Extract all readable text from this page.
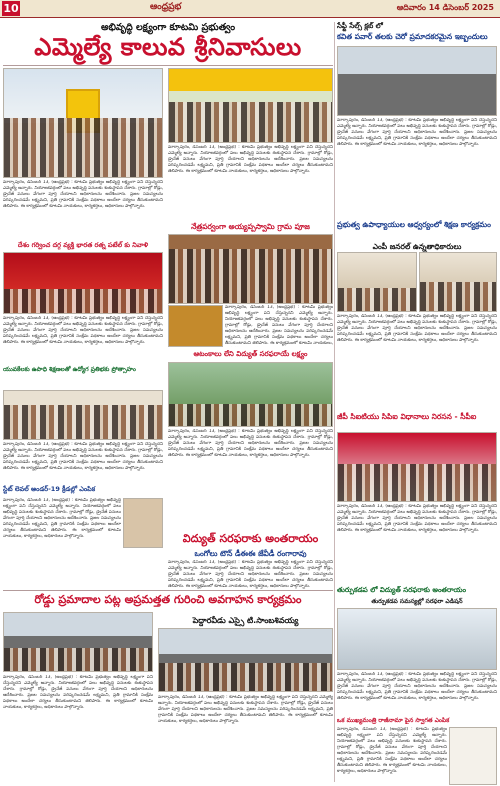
10	ఆంధ్రప్రభ	ఆదివారం 14 డిసెంబర్ 2025
అభివృద్ధి లక్ష్యంగా కూటమి ప్రభుత్వం
ఎమ్మెల్యే కాలువ శ్రీనివాసులు
మార్కాపురం, డిసెంబర్ 13, (ఆంధ్రప్రభ) : కూటమి ప్రభుత్వం అభివృద్ధి లక్ష్యంగా పని చేస్తున్నదని ఎమ్మెల్యే అన్నారు. నియోజకవర్గంలో పలు అభివృద్ధి పనులకు శంకుస్థాపన చేశారు. గ్రామాల్లో రోడ్లు, డ్రైనేజీ పనులు వేగంగా పూర్తి చేయాలని అధికారులను ఆదేశించారు. ప్రజల సమస్యలను పరిష్కరించడమే లక్ష్యమని, ప్రతి గ్రామానికి సంక్షేమ పథకాలు అందేలా చర్యలు తీసుకుంటామని తెలిపారు. ఈ కార్యక్రమంలో కూటమి నాయకులు, కార్యకర్తలు, అధికారులు పాల్గొన్నారు.
మార్కాపురం, డిసెంబర్ 13, (ఆంధ్రప్రభ) : కూటమి ప్రభుత్వం అభివృద్ధి లక్ష్యంగా పని చేస్తున్నదని ఎమ్మెల్యే అన్నారు. నియోజకవర్గంలో పలు అభివృద్ధి పనులకు శంకుస్థాపన చేశారు. గ్రామాల్లో రోడ్లు, డ్రైనేజీ పనులు వేగంగా పూర్తి చేయాలని అధికారులను ఆదేశించారు. ప్రజల సమస్యలను పరిష్కరించడమే లక్ష్యమని, ప్రతి గ్రామానికి సంక్షేమ పథకాలు అందేలా చర్యలు తీసుకుంటామని తెలిపారు. ఈ కార్యక్రమంలో కూటమి నాయకులు, కార్యకర్తలు, అధికారులు పాల్గొన్నారు.
దేశం గర్వించ దగ్గ వ్యక్తి భారత రత్న పటేల్ కు నివాళి
మార్కాపురం, డిసెంబర్ 13, (ఆంధ్రప్రభ) : కూటమి ప్రభుత్వం అభివృద్ధి లక్ష్యంగా పని చేస్తున్నదని ఎమ్మెల్యే అన్నారు. నియోజకవర్గంలో పలు అభివృద్ధి పనులకు శంకుస్థాపన చేశారు. గ్రామాల్లో రోడ్లు, డ్రైనేజీ పనులు వేగంగా పూర్తి చేయాలని అధికారులను ఆదేశించారు. ప్రజల సమస్యలను పరిష్కరించడమే లక్ష్యమని, ప్రతి గ్రామానికి సంక్షేమ పథకాలు అందేలా చర్యలు తీసుకుంటామని తెలిపారు. ఈ కార్యక్రమంలో కూటమి నాయకులు, కార్యకర్తలు, అధికారులు పాల్గొన్నారు.
నేత్రపర్వంగా అయ్యప్పస్వామి గ్రామ పూజ
మార్కాపురం, డిసెంబర్ 13, (ఆంధ్రప్రభ) : కూటమి ప్రభుత్వం అభివృద్ధి లక్ష్యంగా పని చేస్తున్నదని ఎమ్మెల్యే అన్నారు. నియోజకవర్గంలో పలు అభివృద్ధి పనులకు శంకుస్థాపన చేశారు. గ్రామాల్లో రోడ్లు, డ్రైనేజీ పనులు వేగంగా పూర్తి చేయాలని అధికారులను ఆదేశించారు. ప్రజల సమస్యలను పరిష్కరించడమే లక్ష్యమని, ప్రతి గ్రామానికి సంక్షేమ పథకాలు అందేలా చర్యలు తీసుకుంటామని తెలిపారు. ఈ కార్యక్రమంలో కూటమి నాయకులు,
యువకేలకు ఉపాధి శిక్షణలతో ఉద్యోగ ప్రతిభకు ప్రోత్సాహం
మార్కాపురం, డిసెంబర్ 13, (ఆంధ్రప్రభ) : కూటమి ప్రభుత్వం అభివృద్ధి లక్ష్యంగా పని చేస్తున్నదని ఎమ్మెల్యే అన్నారు. నియోజకవర్గంలో పలు అభివృద్ధి పనులకు శంకుస్థాపన చేశారు. గ్రామాల్లో రోడ్లు, డ్రైనేజీ పనులు వేగంగా పూర్తి చేయాలని అధికారులను ఆదేశించారు. ప్రజల సమస్యలను పరిష్కరించడమే లక్ష్యమని, ప్రతి గ్రామానికి సంక్షేమ పథకాలు అందేలా చర్యలు తీసుకుంటామని తెలిపారు. ఈ కార్యక్రమంలో కూటమి నాయకులు, కార్యకర్తలు, అధికారులు పాల్గొన్నారు.
ఆటంకాలు లేని విద్యుత్ సరఫరాయే లక్ష్యం
మార్కాపురం, డిసెంబర్ 13, (ఆంధ్రప్రభ) : కూటమి ప్రభుత్వం అభివృద్ధి లక్ష్యంగా పని చేస్తున్నదని ఎమ్మెల్యే అన్నారు. నియోజకవర్గంలో పలు అభివృద్ధి పనులకు శంకుస్థాపన చేశారు. గ్రామాల్లో రోడ్లు, డ్రైనేజీ పనులు వేగంగా పూర్తి చేయాలని అధికారులను ఆదేశించారు. ప్రజల సమస్యలను పరిష్కరించడమే లక్ష్యమని, ప్రతి గ్రామానికి సంక్షేమ పథకాలు అందేలా చర్యలు తీసుకుంటామని తెలిపారు. ఈ కార్యక్రమంలో కూటమి నాయకులు, కార్యకర్తలు, అధికారులు పాల్గొన్నారు.
స్టేట్ లెవల్ అండర్-19 క్రీడల్లో ఎంపిక
మార్కాపురం, డిసెంబర్ 13, (ఆంధ్రప్రభ) : కూటమి ప్రభుత్వం అభివృద్ధి లక్ష్యంగా పని చేస్తున్నదని ఎమ్మెల్యే అన్నారు. నియోజకవర్గంలో పలు అభివృద్ధి పనులకు శంకుస్థాపన చేశారు. గ్రామాల్లో రోడ్లు, డ్రైనేజీ పనులు వేగంగా పూర్తి చేయాలని అధికారులను ఆదేశించారు. ప్రజల సమస్యలను పరిష్కరించడమే లక్ష్యమని, ప్రతి గ్రామానికి సంక్షేమ పథకాలు అందేలా చర్యలు తీసుకుంటామని తెలిపారు. ఈ కార్యక్రమంలో కూటమి నాయకులు, కార్యకర్తలు, అధికారులు పాల్గొన్నారు.	విద్యుత్ సరఫరాకు అంతరాయం
ఒంగోలు టౌన్ డీఈఈ జేవీడీ రంగారావు
మార్కాపురం, డిసెంబర్ 13, (ఆంధ్రప్రభ) : కూటమి ప్రభుత్వం అభివృద్ధి లక్ష్యంగా పని చేస్తున్నదని ఎమ్మెల్యే అన్నారు. నియోజకవర్గంలో పలు అభివృద్ధి పనులకు శంకుస్థాపన చేశారు. గ్రామాల్లో రోడ్లు, డ్రైనేజీ పనులు వేగంగా పూర్తి చేయాలని అధికారులను ఆదేశించారు. ప్రజల సమస్యలను పరిష్కరించడమే లక్ష్యమని, ప్రతి గ్రామానికి సంక్షేమ పథకాలు అందేలా చర్యలు తీసుకుంటామని తెలిపారు. ఈ కార్యక్రమంలో కూటమి నాయకులు, కార్యకర్తలు, అధికారులు పాల్గొన్నారు.
రోడ్డు ప్రమాదాల పట్ల అప్రమత్తత గురించి అవగాహన కార్యక్రమం
పెద్దారవీడు ఎస్సై టి.సాంబశివయ్య
మార్కాపురం, డిసెంబర్ 13, (ఆంధ్రప్రభ) : కూటమి ప్రభుత్వం అభివృద్ధి లక్ష్యంగా పని చేస్తున్నదని ఎమ్మెల్యే అన్నారు. నియోజకవర్గంలో పలు అభివృద్ధి పనులకు శంకుస్థాపన చేశారు. గ్రామాల్లో రోడ్లు, డ్రైనేజీ పనులు వేగంగా పూర్తి చేయాలని అధికారులను ఆదేశించారు. ప్రజల సమస్యలను పరిష్కరించడమే లక్ష్యమని, ప్రతి గ్రామానికి సంక్షేమ పథకాలు అందేలా చర్యలు తీసుకుంటామని తెలిపారు. ఈ కార్యక్రమంలో కూటమి నాయకులు, కార్యకర్తలు, అధికారులు పాల్గొన్నారు.
మార్కాపురం, డిసెంబర్ 13, (ఆంధ్రప్రభ) : కూటమి ప్రభుత్వం అభివృద్ధి లక్ష్యంగా పని చేస్తున్నదని ఎమ్మెల్యే అన్నారు. నియోజకవర్గంలో పలు అభివృద్ధి పనులకు శంకుస్థాపన చేశారు. గ్రామాల్లో రోడ్లు, డ్రైనేజీ పనులు వేగంగా పూర్తి చేయాలని అధికారులను ఆదేశించారు. ప్రజల సమస్యలను పరిష్కరించడమే లక్ష్యమని, ప్రతి గ్రామానికి సంక్షేమ పథకాలు అందేలా చర్యలు తీసుకుంటామని తెలిపారు. ఈ కార్యక్రమంలో కూటమి నాయకులు, కార్యకర్తలు, అధికారులు పాల్గొన్నారు.
సేఫ్టీ సేల్స్ క్లబ్ లో
కవిత పవార్ తలకు చెరో ప్రమాదకరమైన ఇబ్బందులు
మార్కాపురం, డిసెంబర్ 13, (ఆంధ్రప్రభ) : కూటమి ప్రభుత్వం అభివృద్ధి లక్ష్యంగా పని చేస్తున్నదని ఎమ్మెల్యే అన్నారు. నియోజకవర్గంలో పలు అభివృద్ధి పనులకు శంకుస్థాపన చేశారు. గ్రామాల్లో రోడ్లు, డ్రైనేజీ పనులు వేగంగా పూర్తి చేయాలని అధికారులను ఆదేశించారు. ప్రజల సమస్యలను పరిష్కరించడమే లక్ష్యమని, ప్రతి గ్రామానికి సంక్షేమ పథకాలు అందేలా చర్యలు తీసుకుంటామని తెలిపారు. ఈ కార్యక్రమంలో కూటమి నాయకులు, కార్యకర్తలు, అధికారులు పాల్గొన్నారు.
ప్రభుత్వ ఉపాధ్యాయుల ఆధ్వర్యంలో శిక్షణ కార్యక్రమం
ఎంపీ జనరల్ ఉన్నతాధికారులు
మార్కాపురం, డిసెంబర్ 13, (ఆంధ్రప్రభ) : కూటమి ప్రభుత్వం అభివృద్ధి లక్ష్యంగా పని చేస్తున్నదని ఎమ్మెల్యే అన్నారు. నియోజకవర్గంలో పలు అభివృద్ధి పనులకు శంకుస్థాపన చేశారు. గ్రామాల్లో రోడ్లు, డ్రైనేజీ పనులు వేగంగా పూర్తి చేయాలని అధికారులను ఆదేశించారు. ప్రజల సమస్యలను పరిష్కరించడమే లక్ష్యమని, ప్రతి గ్రామానికి సంక్షేమ పథకాలు అందేలా చర్యలు తీసుకుంటామని తెలిపారు. ఈ కార్యక్రమంలో కూటమి నాయకులు, కార్యకర్తలు, అధికారులు పాల్గొన్నారు.
జీపీ సిఐటియు సిపిఐ విధానాలు నిరసన - సీపీఐ
మార్కాపురం, డిసెంబర్ 13, (ఆంధ్రప్రభ) : కూటమి ప్రభుత్వం అభివృద్ధి లక్ష్యంగా పని చేస్తున్నదని ఎమ్మెల్యే అన్నారు. నియోజకవర్గంలో పలు అభివృద్ధి పనులకు శంకుస్థాపన చేశారు. గ్రామాల్లో రోడ్లు, డ్రైనేజీ పనులు వేగంగా పూర్తి చేయాలని అధికారులను ఆదేశించారు. ప్రజల సమస్యలను పరిష్కరించడమే లక్ష్యమని, ప్రతి గ్రామానికి సంక్షేమ పథకాలు అందేలా చర్యలు తీసుకుంటామని తెలిపారు. ఈ కార్యక్రమంలో కూటమి నాయకులు, కార్యకర్తలు, అధికారులు పాల్గొన్నారు.
తుర్పుకడప లో విద్యుత్ సరఫరాకు అంతరాయం
తుర్పుకడప సమస్యల్లో సరఫరా ఎడిషన్
మార్కాపురం, డిసెంబర్ 13, (ఆంధ్రప్రభ) : కూటమి ప్రభుత్వం అభివృద్ధి లక్ష్యంగా పని చేస్తున్నదని ఎమ్మెల్యే అన్నారు. నియోజకవర్గంలో పలు అభివృద్ధి పనులకు శంకుస్థాపన చేశారు. గ్రామాల్లో రోడ్లు, డ్రైనేజీ పనులు వేగంగా పూర్తి చేయాలని అధికారులను ఆదేశించారు. ప్రజల సమస్యలను పరిష్కరించడమే లక్ష్యమని, ప్రతి గ్రామానికి సంక్షేమ పథకాలు అందేలా చర్యలు తీసుకుంటామని తెలిపారు. ఈ కార్యక్రమంలో కూటమి నాయకులు, కార్యకర్తలు, అధికారులు పాల్గొన్నారు.
ఒక ముఖ్యమంత్రి రాజీనామా పైన స్వాగత ఎంపిక
మార్కాపురం, డిసెంబర్ 13, (ఆంధ్రప్రభ) : కూటమి ప్రభుత్వం అభివృద్ధి లక్ష్యంగా పని చేస్తున్నదని ఎమ్మెల్యే అన్నారు. నియోజకవర్గంలో పలు అభివృద్ధి పనులకు శంకుస్థాపన చేశారు. గ్రామాల్లో రోడ్లు, డ్రైనేజీ పనులు వేగంగా పూర్తి చేయాలని అధికారులను ఆదేశించారు. ప్రజల సమస్యలను పరిష్కరించడమే లక్ష్యమని, ప్రతి గ్రామానికి సంక్షేమ పథకాలు అందేలా చర్యలు తీసుకుంటామని తెలిపారు. ఈ కార్యక్రమంలో కూటమి నాయకులు, కార్యకర్తలు, అధికారులు పాల్గొన్నారు.
